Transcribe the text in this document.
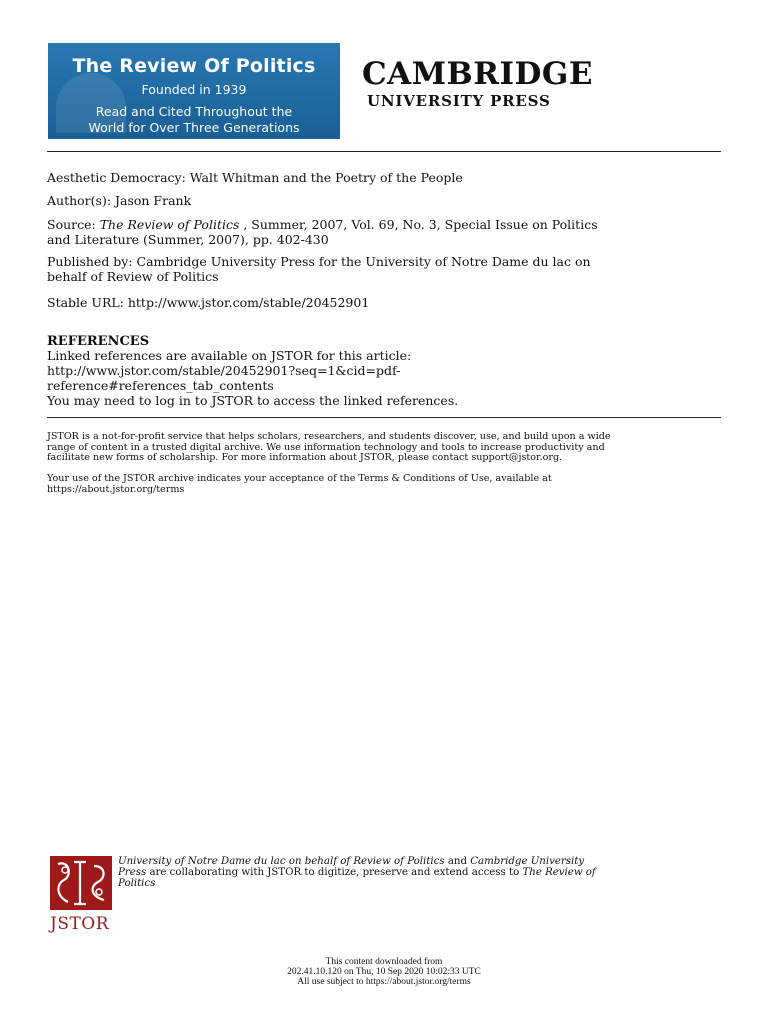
The Review Of Politics
Founded in 1939
Read and Cited Throughout the
World for Over Three Generations
CAMBRIDGE
UNIVERSITY PRESS
Aesthetic Democracy: Walt Whitman and the Poetry of the People
Author(s): Jason Frank
Source: The Review of Politics , Summer, 2007, Vol. 69, No. 3, Special Issue on Politics
and Literature (Summer, 2007), pp. 402-430
Published by: Cambridge University Press for the University of Notre Dame du lac on
behalf of Review of Politics
Stable URL: http://www.jstor.com/stable/20452901
REFERENCES
Linked references are available on JSTOR for this article:
http://www.jstor.com/stable/20452901?seq=1&cid=pdf-
reference#references_tab_contents
You may need to log in to JSTOR to access the linked references.
JSTOR is a not-for-profit service that helps scholars, researchers, and students discover, use, and build upon a wide
range of content in a trusted digital archive. We use information technology and tools to increase productivity and
facilitate new forms of scholarship. For more information about JSTOR, please contact support@jstor.org.
Your use of the JSTOR archive indicates your acceptance of the Terms & Conditions of Use, available at
https://about.jstor.org/terms
JSTOR
University of Notre Dame du lac on behalf of Review of Politics and Cambridge University
Press are collaborating with JSTOR to digitize, preserve and extend access to The Review of
Politics
This content downloaded from
202.41.10.120 on Thu, 10 Sep 2020 10:02:33 UTC
All use subject to https://about.jstor.org/terms
